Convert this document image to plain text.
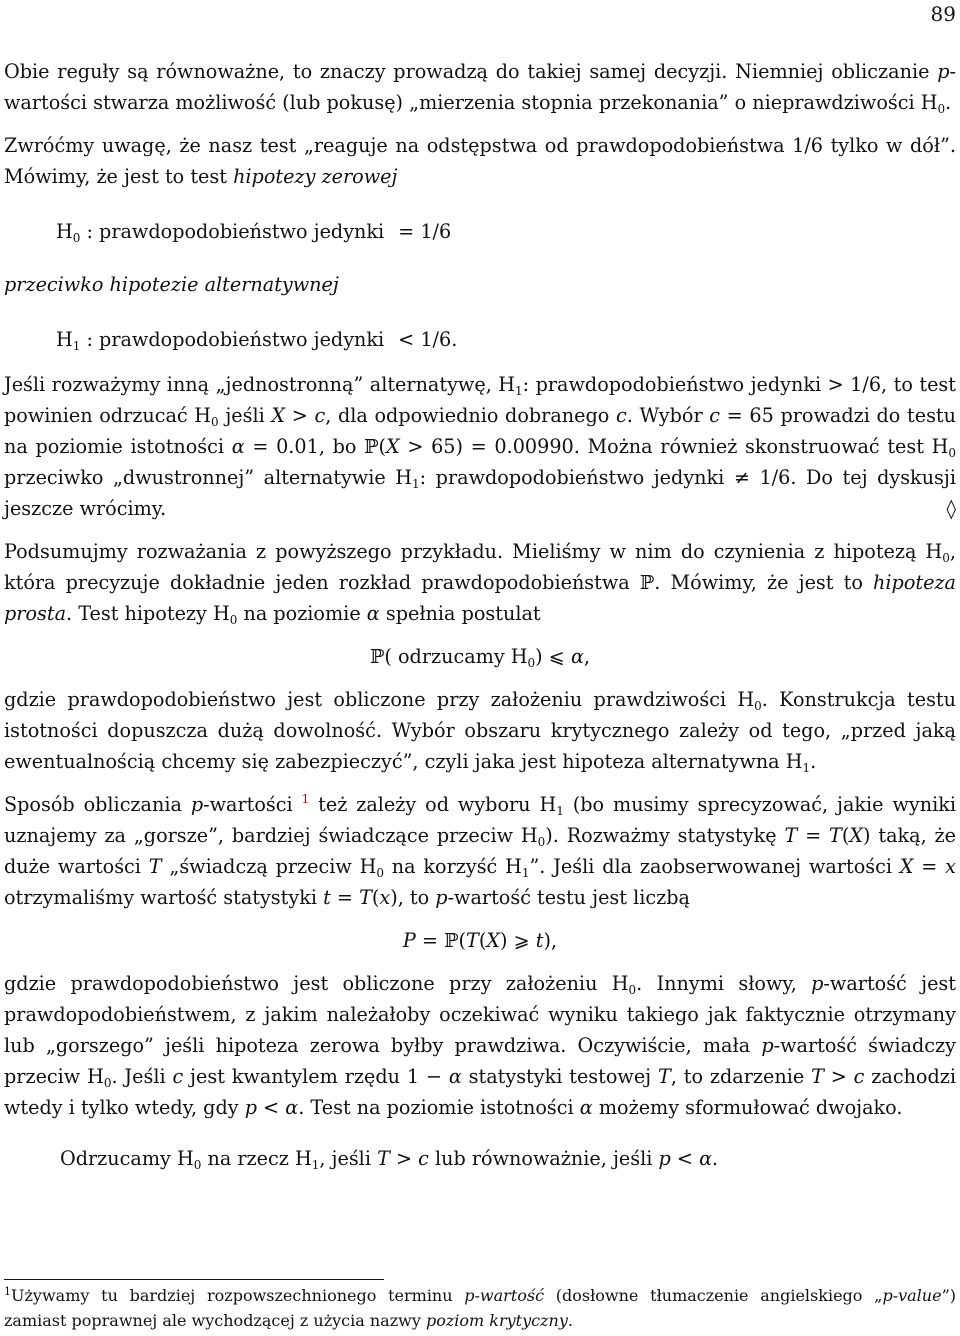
89

Obie reguły są równoważne, to znaczy prowadzą do takiej samej decyzji. Niemniej obliczanie p-wartości stwarza możliwość (lub pokusę) „mierzenia stopnia przekonania” o nieprawdziwości $H_0$.

Zwróćmy uwagę, że nasz test „reaguje na odstępstwa od prawdopodobieństwa 1/6 tylko w dół”. Mówimy, że jest to test hipotezy zerowej

$H_0$ : prawdopodobieństwo jedynki = 1/6

przeciwko hipotezie alternatywnej

$H_1$ : prawdopodobieństwo jedynki < 1/6.

Jeśli rozważymy inną „jednostronną” alternatywę, $H_1$: prawdopodobieństwo jedynki > 1/6, to test powinien odrzucać $H_0$ jeśli X > c, dla odpowiednio dobranego c. Wybór c = 65 prowadzi do testu na poziomie istotności α = 0.01, bo ℙ(X > 65) = 0.00990. Można również skonstruować test $H_0$ przeciwko „dwustronnej” alternatywie $H_1$: prawdopodobieństwo jedynki ≠ 1/6. Do tej dyskusji jeszcze wrócimy.	◊

Podsumujmy rozważania z powyższego przykładu. Mieliśmy w nim do czynienia z hipotezą $H_0$, która precyzuje dokładnie jeden rozkład prawdopodobieństwa ℙ. Mówimy, że jest to hipoteza prosta. Test hipotezy $H_0$ na poziomie α spełnia postulat

ℙ( odrzucamy $H_0$) ⩽ α,

gdzie prawdopodobieństwo jest obliczone przy założeniu prawdziwości $H_0$. Konstrukcja testu istotności dopuszcza dużą dowolność. Wybór obszaru krytycznego zależy od tego, „przed jaką ewentualnością chcemy się zabezpieczyć”, czyli jaka jest hipoteza alternatywna $H_1$.

Sposób obliczania p-wartości $^1$ też zależy od wyboru $H_1$ (bo musimy sprecyzować, jakie wyniki uznajemy za „gorsze”, bardziej świadczące przeciw $H_0$). Rozważmy statystykę T = T(X) taką, że duże wartości T „świadczą przeciw $H_0$ na korzyść $H_1$”. Jeśli dla zaobserwowanej wartości X = x otrzymaliśmy wartość statystyki t = T(x), to p-wartość testu jest liczbą

P = ℙ(T(X) ⩾ t),

gdzie prawdopodobieństwo jest obliczone przy założeniu $H_0$. Innymi słowy, p-wartość jest prawdopodobieństwem, z jakim należałoby oczekiwać wyniku takiego jak faktycznie otrzymany lub „gorszego” jeśli hipoteza zerowa byłby prawdziwa. Oczywiście, mała p-wartość świadczy przeciw $H_0$. Jeśli c jest kwantylem rzędu 1 − α statystyki testowej T, to zdarzenie T > c zachodzi wtedy i tylko wtedy, gdy p < α. Test na poziomie istotności α możemy sformułować dwojako.

Odrzucamy $H_0$ na rzecz $H_1$, jeśli T > c lub równoważnie, jeśli p < α.

$^1$Używamy tu bardziej rozpowszechnionego terminu p-wartość (dosłowne tłumaczenie angielskiego „p-value”) zamiast poprawnej ale wychodzącej z użycia nazwy poziom krytyczny.
